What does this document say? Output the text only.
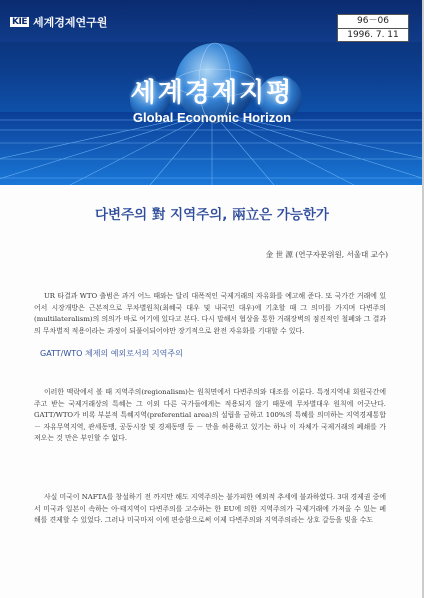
KIE 세계경제연구원	96－06
1996. 7. 11
세계경제지평
Global Economic Horizon
다변주의 對 지역주의, 兩立은 가능한가
金 世 源 (연구자문위원, 서울대 교수)

UR 타결과 WTO 출범은 과거 어느 때와는 달리 대폭적인 국제거래의 자유화를 예고해 준다. 또 국가간 거래에 있어서 시장개방은 근본적으로 무차별원칙(최혜국 대우 및 내국민 대우)에 기초할 때 그 의미를 가지며 다변주의(multilateralism)의 의의가 바로 여기에 있다고 본다. 다시 말해서 협상을 통한 거래장벽의 점진적인 철폐와 그 결과의 무차별적 적용이라는 과정이 되풀이되어야만 장기적으로 완전 자유화를 기대할 수 있다.

GATT/WTO 체제의 예외로서의 지역주의

이러한 맥락에서 볼 때 지역주의(regionalism)는 원칙면에서 다변주의와 대조를 이룬다. 특정지역내 회원국간에 주고 받는 국제거래상의 특혜는 그 이외 다른 국가들에게는 적용되지 않기 때문에 무차별대우 원칙에 어긋난다. GATT/WTO가 비록 부분적 특혜지역(preferential area)의 설립을 금하고 100%의 특혜를 의미하는 지역경제통합 － 자유무역지역, 관세동맹, 공동시장 및 경제동맹 등 － 만을 허용하고 있기는 하나 이 자체가 국제거래의 폐쇄를 가져오는 것 만은 부인할 수 없다.

사실 미국이 NAFTA를 창설하기 전 까지만 해도 지역주의는 불가피한 예외적 추세에 불과하였다. 3대 경제권 중에서 미국과 일본이 속하는 아·태지역이 다변주의를 고수하는 한 EU에 의한 지역주의가 국제거래에 가져올 수 있는 폐해를 견제할 수 있었다. 그러나 미국마저 이에 편승함으로써 이제 다변주의와 지역주의라는 상호 갈등을 빚을 수도
